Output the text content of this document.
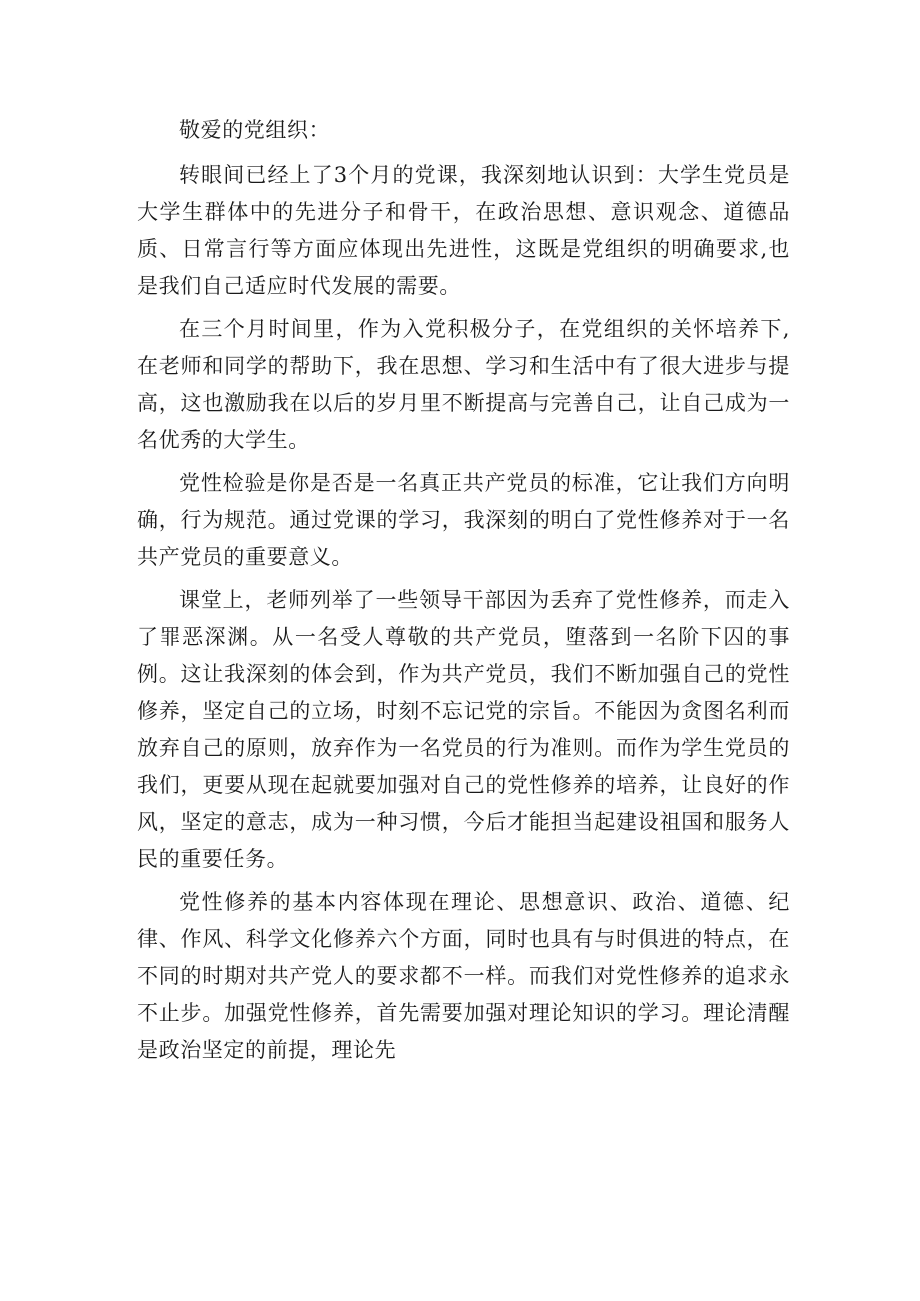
敬爱的党组织：

转眼间已经上了3个月的党课，我深刻地认识到：大学生党员是大学生群体中的先进分子和骨干，在政治思想、意识观念、道德品质、日常言行等方面应体现出先进性，这既是党组织的明确要求,也是我们自己适应时代发展的需要。

在三个月时间里，作为入党积极分子，在党组织的关怀培养下,在老师和同学的帮助下，我在思想、学习和生活中有了很大进步与提高，这也激励我在以后的岁月里不断提高与完善自己，让自己成为一名优秀的大学生。

党性检验是你是否是一名真正共产党员的标准，它让我们方向明确，行为规范。通过党课的学习，我深刻的明白了党性修养对于一名共产党员的重要意义。

课堂上，老师列举了一些领导干部因为丢弃了党性修养，而走入了罪恶深渊。从一名受人尊敬的共产党员，堕落到一名阶下囚的事例。这让我深刻的体会到，作为共产党员，我们不断加强自己的党性修养，坚定自己的立场，时刻不忘记党的宗旨。不能因为贪图名利而放弃自己的原则，放弃作为一名党员的行为准则。而作为学生党员的我们，更要从现在起就要加强对自己的党性修养的培养，让良好的作风，坚定的意志，成为一种习惯，今后才能担当起建设祖国和服务人民的重要任务。

党性修养的基本内容体现在理论、思想意识、政治、道德、纪律、作风、科学文化修养六个方面，同时也具有与时俱进的特点，在不同的时期对共产党人的要求都不一样。而我们对党性修养的追求永不止步。加强党性修养，首先需要加强对理论知识的学习。理论清醒是政治坚定的前提，理论先
